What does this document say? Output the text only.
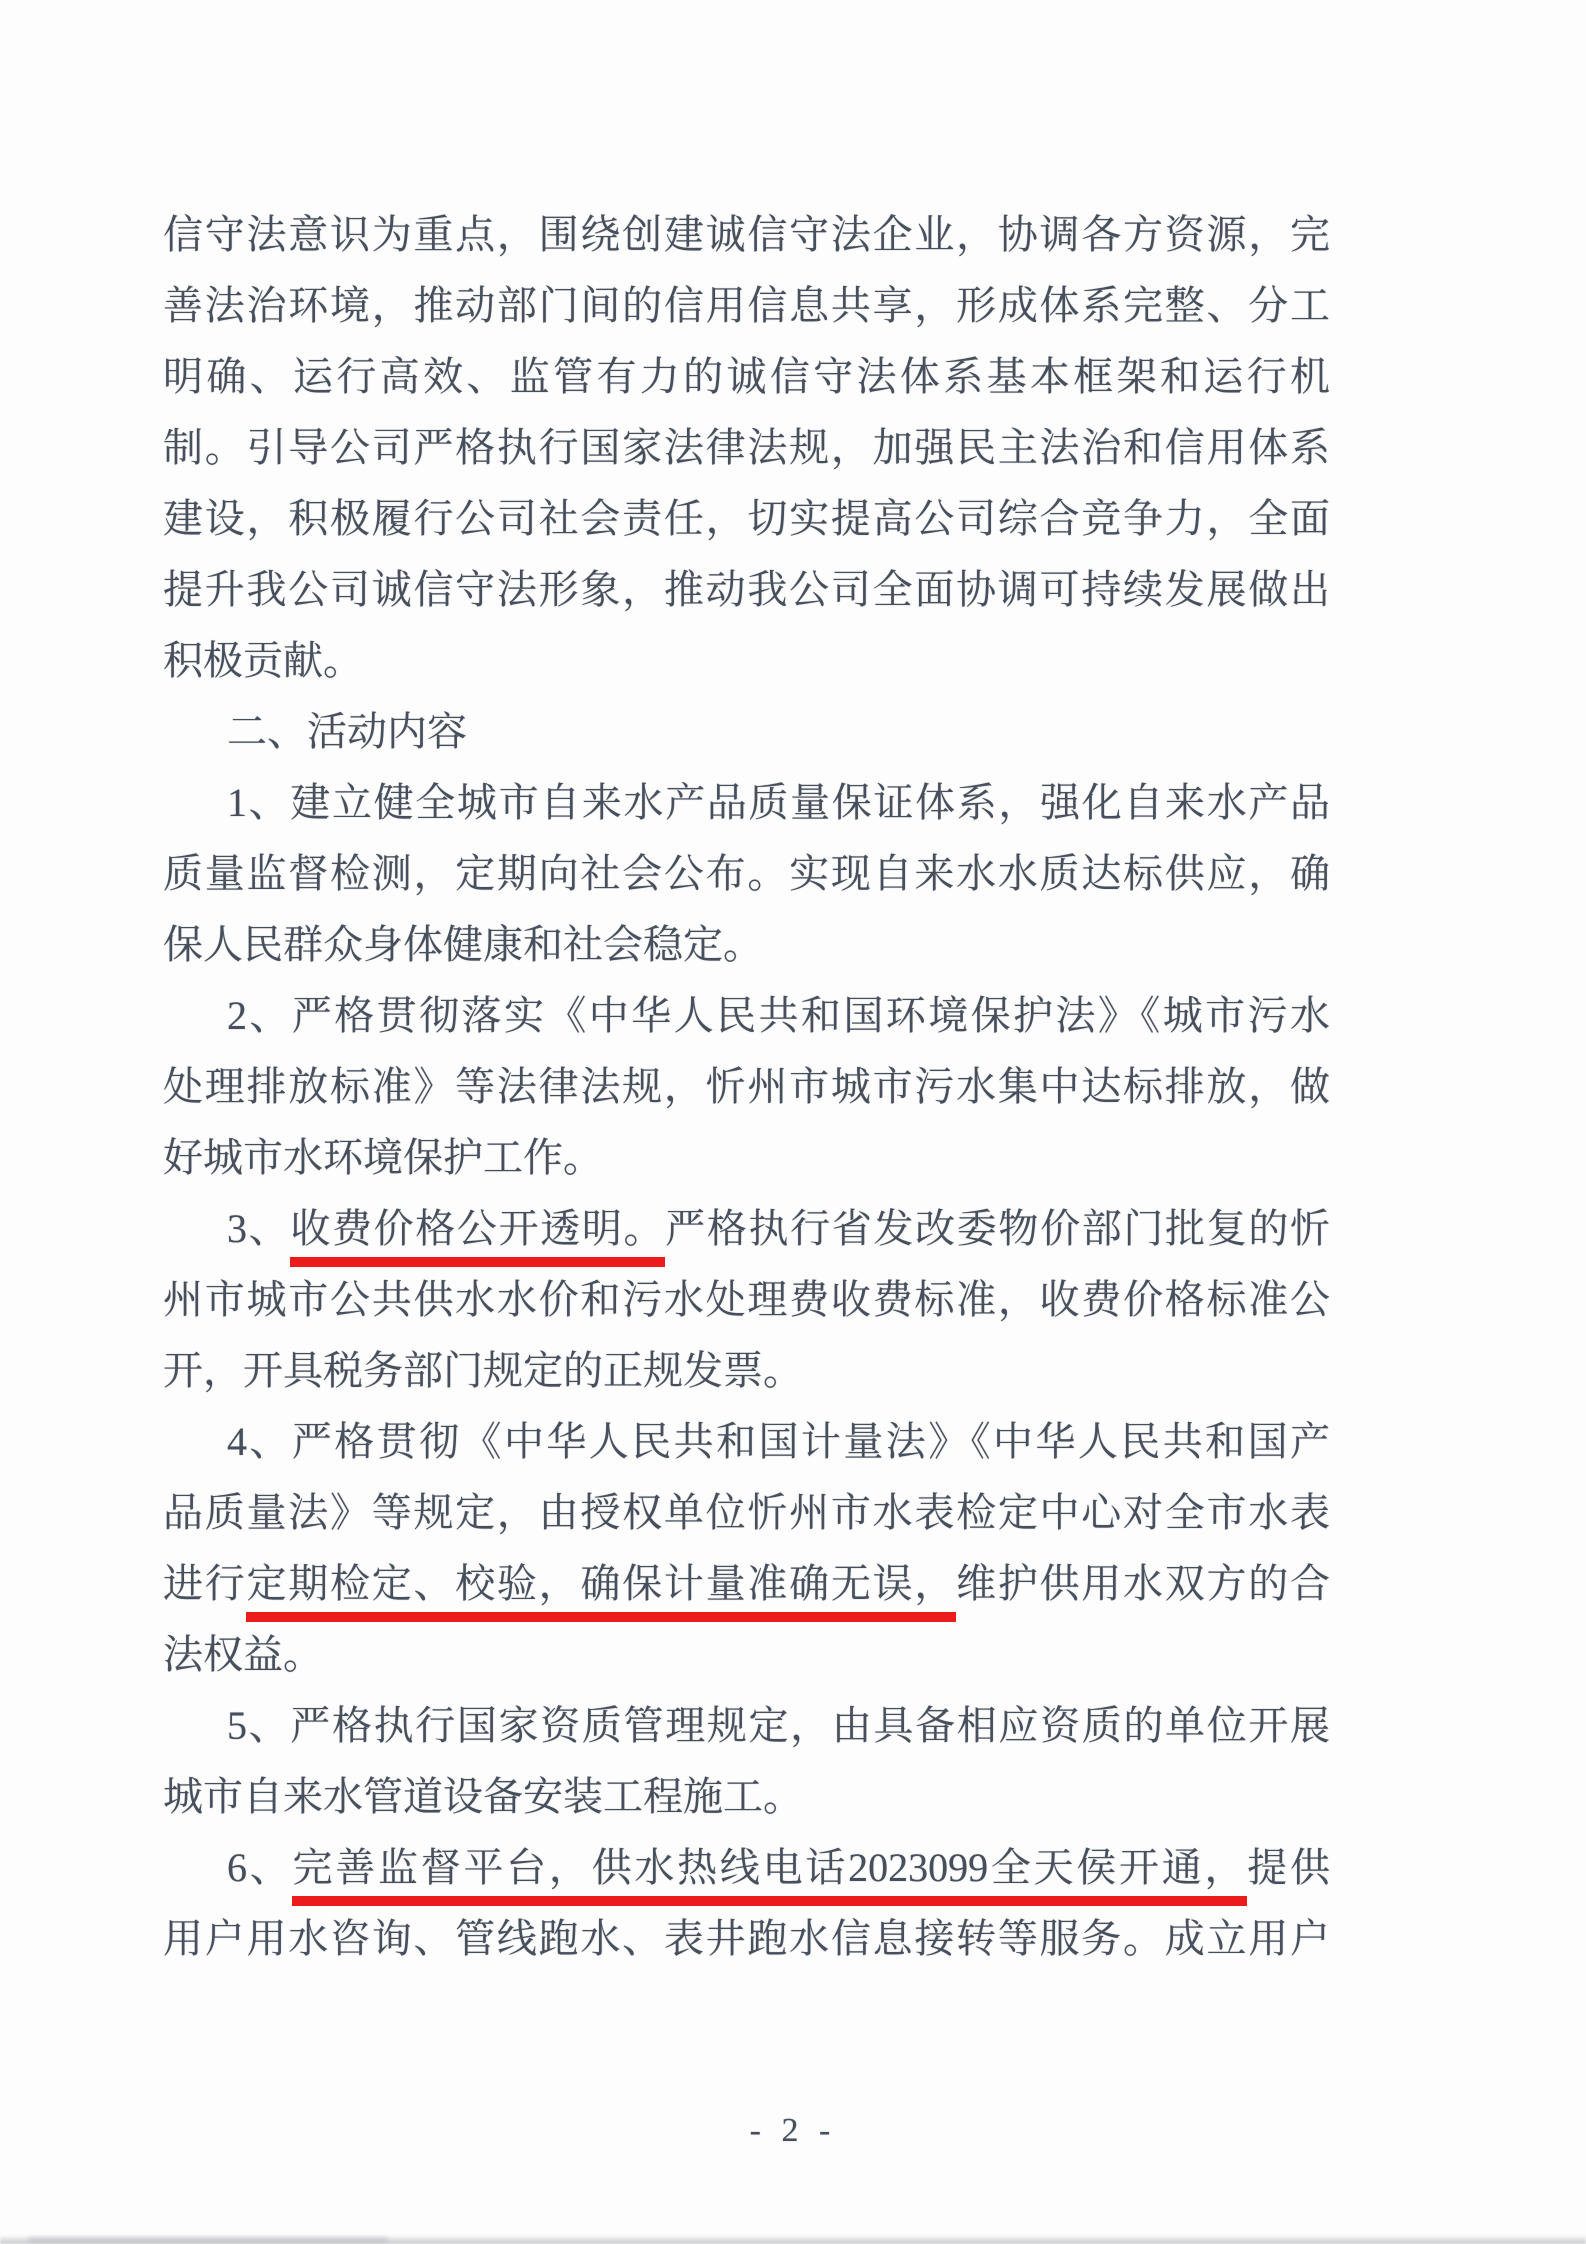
信守法意识为重点，围绕创建诚信守法企业，协调各方资源，完
善法治环境，推动部门间的信用信息共享，形成体系完整、分工
明确、运行高效、监管有力的诚信守法体系基本框架和运行机
制。引导公司严格执行国家法律法规，加强民主法治和信用体系
建设，积极履行公司社会责任，切实提高公司综合竞争力，全面
提升我公司诚信守法形象，推动我公司全面协调可持续发展做出
积极贡献。
二、活动内容
1、建立健全城市自来水产品质量保证体系，强化自来水产品
质量监督检测，定期向社会公布。实现自来水水质达标供应，确
保人民群众身体健康和社会稳定。
2、严格贯彻落实《中华人民共和国环境保护法》《城市污水
处理排放标准》等法律法规，忻州市城市污水集中达标排放，做
好城市水环境保护工作。
3、收费价格公开透明。严格执行省发改委物价部门批复的忻
州市城市公共供水水价和污水处理费收费标准，收费价格标准公
开，开具税务部门规定的正规发票。
4、严格贯彻《中华人民共和国计量法》《中华人民共和国产
品质量法》等规定，由授权单位忻州市水表检定中心对全市水表
进行定期检定、校验，确保计量准确无误，维护供用水双方的合
法权益。
5、严格执行国家资质管理规定，由具备相应资质的单位开展
城市自来水管道设备安装工程施工。
6、完善监督平台，供水热线电话2023099全天侯开通，提供
用户用水咨询、管线跑水、表井跑水信息接转等服务。成立用户
- 2 -
